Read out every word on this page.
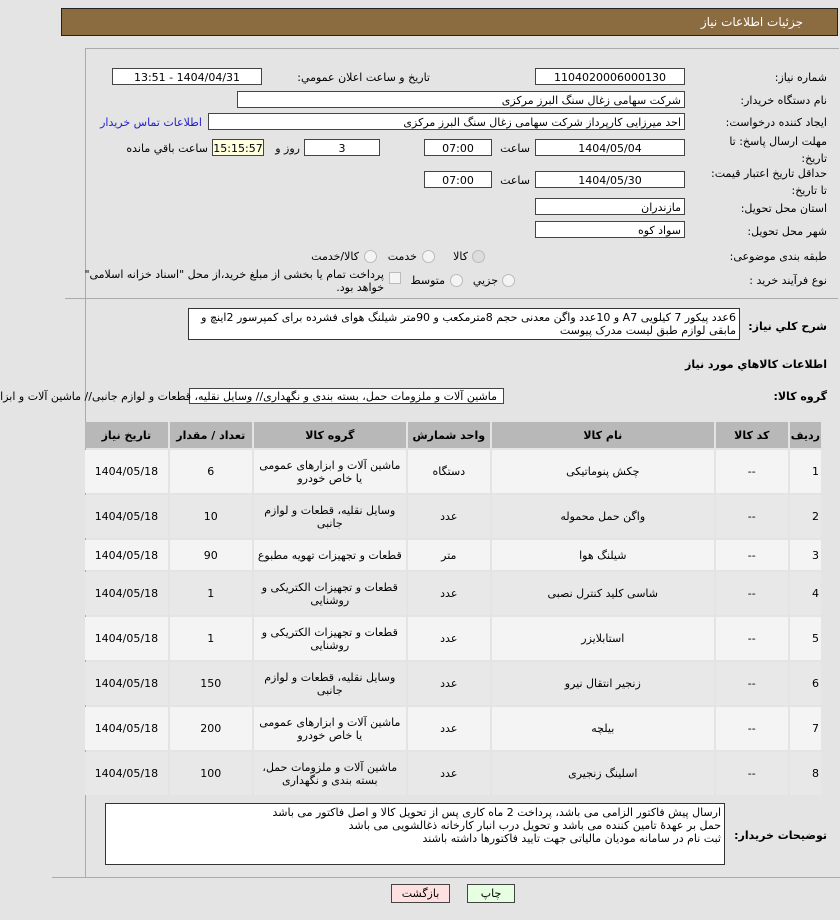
جزئیات اطلاعات نیاز
شماره نیاز:
1104020006000130
تاریخ و ساعت اعلان عمومي:
1404/04/31 - 13:51
نام دستگاه خریدار:
شرکت سهامی زغال سنگ البرز مرکزی
ایجاد کننده درخواست:
احد میرزایی کارپرداز شرکت سهامی زغال سنگ البرز مرکزی
اطلاعات تماس خریدار
مهلت ارسال پاسخ: تا
تاریخ:
1404/05/04
ساعت
07:00
3
روز و
15:15:57
ساعت باقي مانده
حداقل تاریخ اعتبار قیمت:
تا تاریخ:
1404/05/30
ساعت
07:00
استان محل تحویل:
مازندران
شهر محل تحویل:
سواد کوه
طبقه بندی موضوعی:
کالا
خدمت
کالا/خدمت
نوع فرآیند خرید :
جزیي
متوسط
پرداخت تمام یا بخشی از مبلغ خرید،از محل "اسناد خزانه اسلامی" خواهد بود.
شرح کلي نیاز:
6عدد پیکور 7 کیلویی A7 و 10عدد واگن معدنی حجم 8مترمکعب و 90متر شیلنگ هوای فشرده برای کمپرسور 2اینچ و مابقی لوازم طبق لیست مدرک پیوست
اطلاعات کالاهاي مورد نیاز
گروه کالا:
ماشین آلات و ملزومات حمل، بسته بندی و نگهداری// وسایل نقلیه، قطعات و لوازم جانبی// ماشین آلات و ابزا
ردیف	کد کالا	نام کالا	واحد شمارش	گروه کالا	تعداد / مقدار	تاریخ نیاز
1	--	چکش پنوماتیکی	دستگاه	ماشین آلات و ابزارهای عمومی یا خاص خودرو	6	1404/05/18
2	--	واگن حمل محموله	عدد	وسایل نقلیه، قطعات و لوازم جانبی	10	1404/05/18
3	--	شیلنگ هوا	متر	قطعات و تجهیزات تهویه مطبوع	90	1404/05/18
4	--	شاسی کلید کنترل نصبی	عدد	قطعات و تجهیزات الکتریکی و روشنایی	1	1404/05/18
5	--	استابلایزر	عدد	قطعات و تجهیزات الکتریکی و روشنایی	1	1404/05/18
6	--	زنجیر انتقال نیرو	عدد	وسایل نقلیه، قطعات و لوازم جانبی	150	1404/05/18
7	--	بیلچه	عدد	ماشین آلات و ابزارهای عمومی یا خاص خودرو	200	1404/05/18
8	--	اسلینگ زنجیری	عدد	ماشین آلات و ملزومات حمل، بسته بندی و نگهداری	100	1404/05/18
توضیحات خریدار:
ارسال پیش فاکتور الزامی می باشد، پرداخت 2 ماه کاری پس از تحویل کالا و اصل فاکتور می باشد
حمل بر عهدۀ تامین کننده می باشد و تحویل درب انبار کارخانه ذغالشویی می باشد
ثبت نام در سامانه مودیان مالیاتی جهت تایید فاکتورها داشته باشند
چاپ
بازگشت
